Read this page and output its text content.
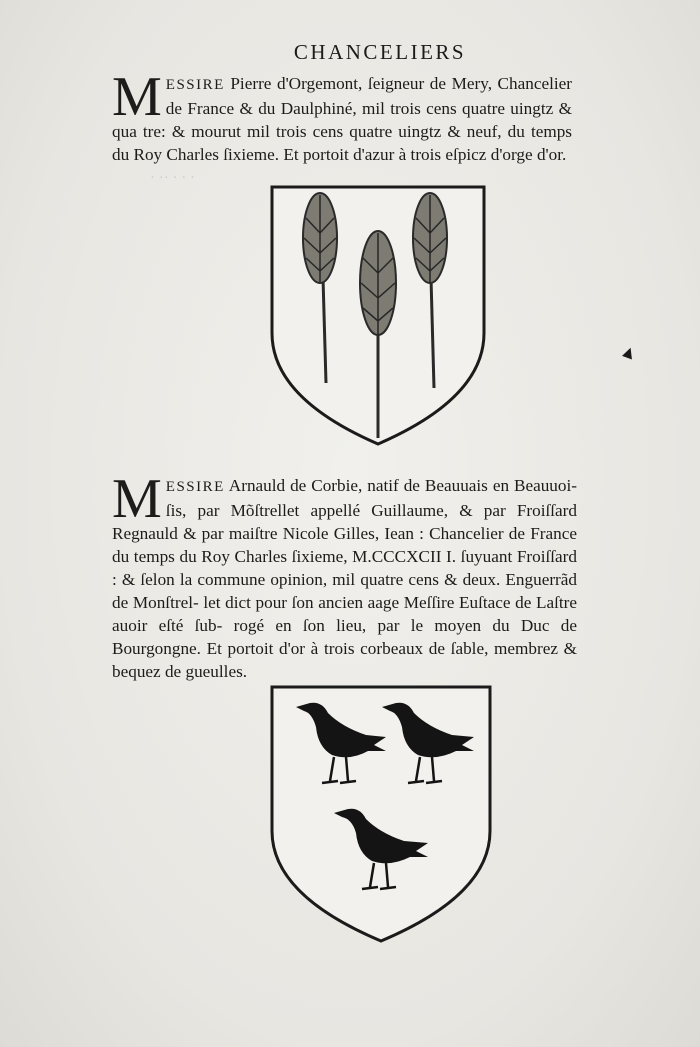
· · · ·· ·
CHANCELIERS

MESSIRE Pierre d'Orgemont, ſeigneur de Mery, Chancelier de France & du Daulphiné, mil trois cens quatre uingtz & qua tre: & mourut mil trois cens quatre uingtz & neuf, du temps du Roy Charles ſixieme. Et portoit d'azur à trois eſpicz d'orge d'or.

▲

MESSIRE Arnauld de Corbie, natif de Beauuais en Beauuoi- ſis, par Mõſtrellet appellé Guillaume, & par Froiſſard Regnauld & par maiſtre Nicole Gilles, Iean : Chancelier de France du temps du Roy Charles ſixieme, M.CCCXCII I. ſuyuant Froiſſard : & ſelon la commune opinion, mil quatre cens & deux. Enguerrãd de Monſtrel- let dict pour ſon ancien aage Meſſire Euſtace de Laſtre auoir eſté ſub- rogé en ſon lieu, par le moyen du Duc de Bourgongne. Et portoit d'or à trois corbeaux de ſable, membrez & bequez de gueulles.
